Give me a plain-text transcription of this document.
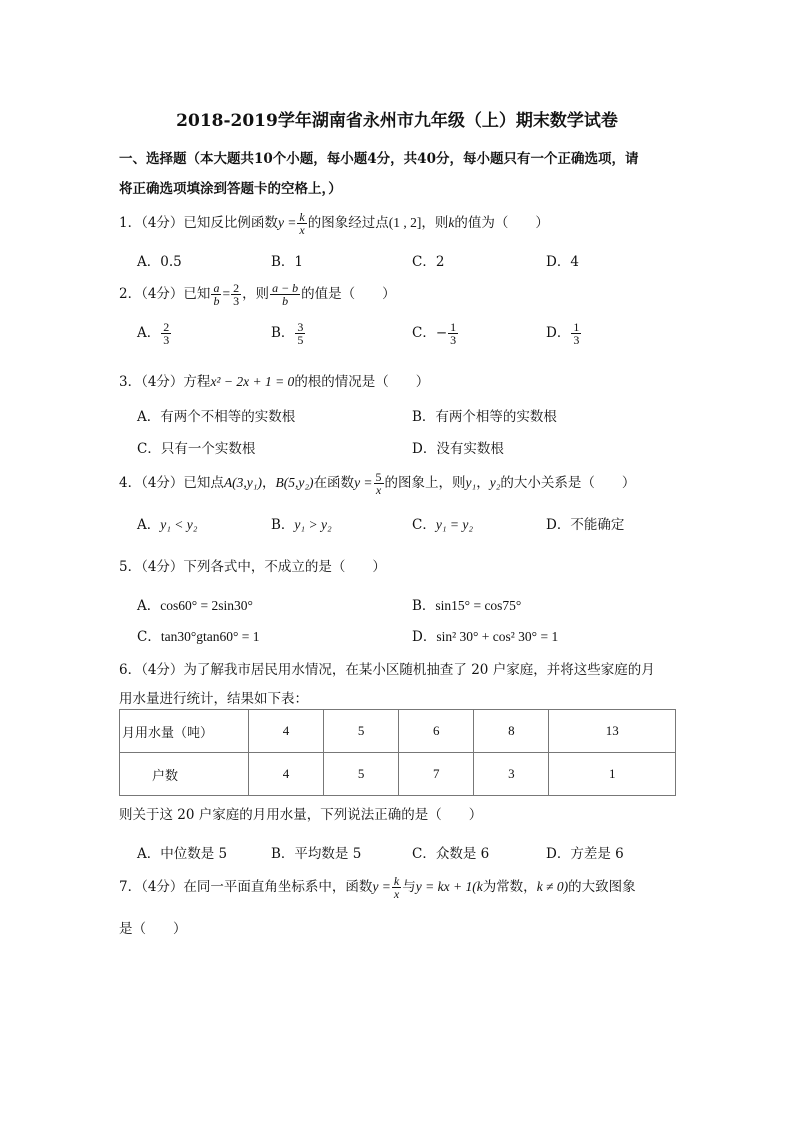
2018-2019学年湖南省永州市九年级（上）期末数学试卷
一、选择题（本大题共10个小题，每小题4分，共40分，每小题只有一个正确选项，请
将正确选项填涂到答题卡的空格上，）
1．（4分）已知反比例函数$y = \frac{k}{x}$ 的图象经过点(1 , 2]，则k的值为（　　）
A．0.5	B．1	C．2	D．4
2．（4分）已知 $\frac{a}{b} = \frac{2}{3}$ ，则 $\frac{a - b}{b}$ 的值是（　　）
A． $\frac{2}{3}$	B． $\frac{3}{5}$	C．− $\frac{1}{3}$	D． $\frac{1}{3}$
3．（4分）方程x² − 2x + 1 = 0的根的情况是（　　）
A．有两个不相等的实数根	B．有两个相等的实数根
C．只有一个实数根	D．没有实数根
4．（4分）已知点A(3,y₁)，B(5,y₂)在函数$y = \frac{5}{x}$ 的图象上，则y₁，y₂的大小关系是（　　）
A．y₁ < y₂	B．y₁ > y₂	C．y₁ = y₂	D．不能确定
5．（4分）下列各式中，不成立的是（　　）
A．cos60° = 2sin30°	B．sin15° = cos75°
C．tan30°gtan60° = 1	D．sin² 30° + cos² 30° = 1
6．（4分）为了解我市居民用水情况，在某小区随机抽查了 20 户家庭，并将这些家庭的月
用水量进行统计，结果如下表：
月用水量（吨）	4	5	6	8	13
户数	4	5	7	3	1
则关于这 20 户家庭的月用水量，下列说法正确的是（　　）
A．中位数是 5	B．平均数是 5	C．众数是 6	D．方差是 6
7．（4分）在同一平面直角坐标系中，函数$y = \frac{k}{x}$ 与y = kx + 1(k为常数，k ≠ 0)的大致图象
是（　　）
